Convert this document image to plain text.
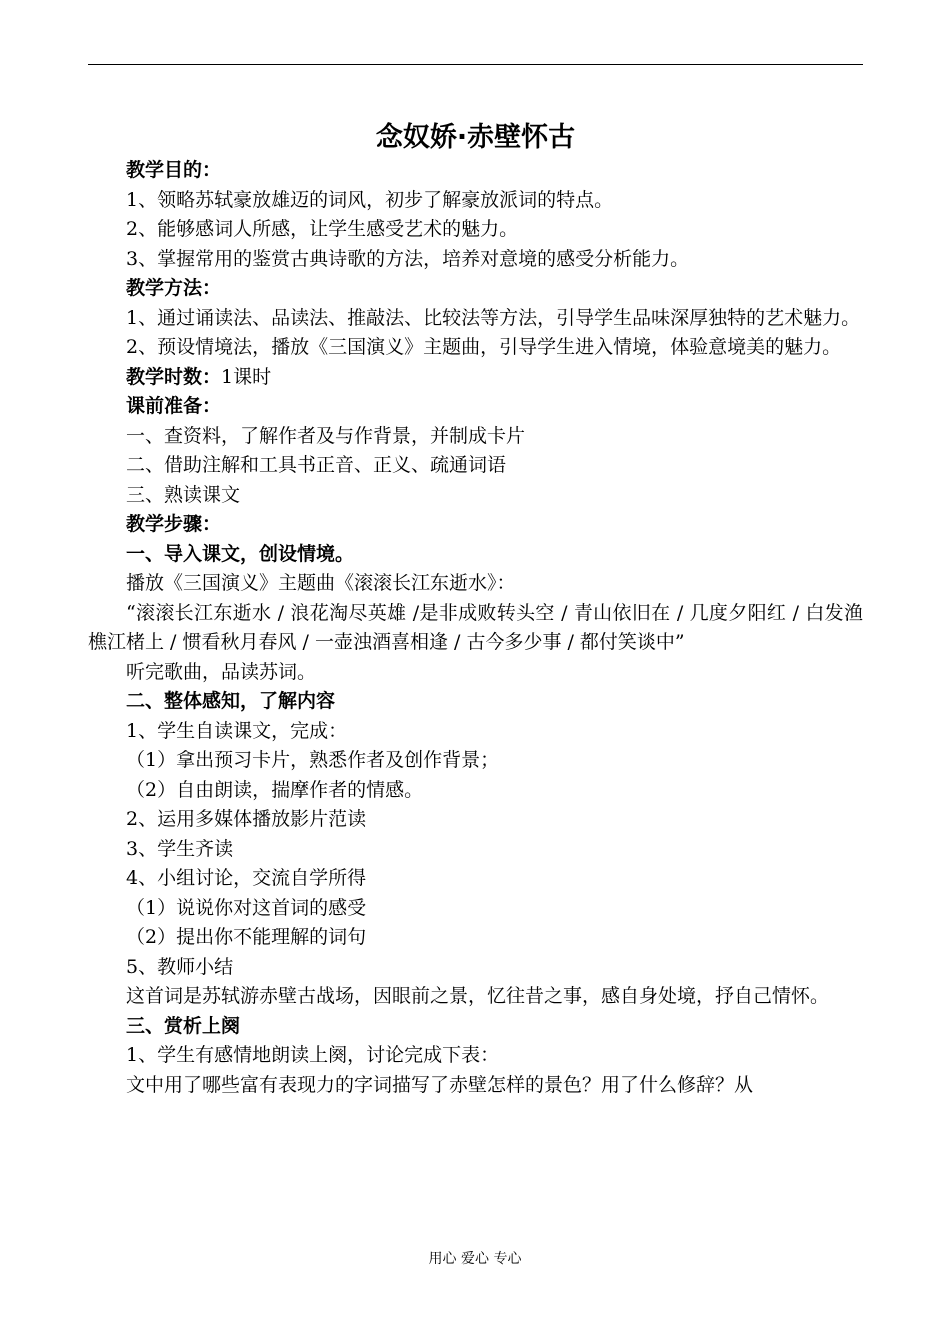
念奴娇·赤壁怀古

教学目的：

1、领略苏轼豪放雄迈的词风，初步了解豪放派词的特点。

2、能够感词人所感，让学生感受艺术的魅力。

3、掌握常用的鉴赏古典诗歌的方法，培养对意境的感受分析能力。

教学方法：

1、通过诵读法、品读法、推敲法、比较法等方法，引导学生品味深厚独特的艺术魅力。

2、预设情境法，播放《三国演义》主题曲，引导学生进入情境，体验意境美的魅力。

教学时数：1课时

课前准备：

一、查资料，了解作者及与作背景，并制成卡片

二、借助注解和工具书正音、正义、疏通词语

三、熟读课文

教学步骤：

一、导入课文，创设情境。

播放《三国演义》主题曲《滚滚长江东逝水》：

“滚滚长江东逝水 / 浪花淘尽英雄 /是非成败转头空 / 青山依旧在 / 几度夕阳红 / 白发渔樵江楮上 / 惯看秋月春风 / 一壶浊酒喜相逢 / 古今多少事 / 都付笑谈中”

听完歌曲，品读苏词。

二、整体感知，了解内容

1、学生自读课文，完成：

（1）拿出预习卡片，熟悉作者及创作背景；

（2）自由朗读，揣摩作者的情感。

2、运用多媒体播放影片范读

3、学生齐读

4、小组讨论，交流自学所得

（1）说说你对这首词的感受

（2）提出你不能理解的词句

5、教师小结

这首词是苏轼游赤壁古战场，因眼前之景，忆往昔之事，感自身处境，抒自己情怀。

三、赏析上阕

1、学生有感情地朗读上阕，讨论完成下表：

文中用了哪些富有表现力的字词描写了赤壁怎样的景色？用了什么修辞？从

用心 爱心 专心
